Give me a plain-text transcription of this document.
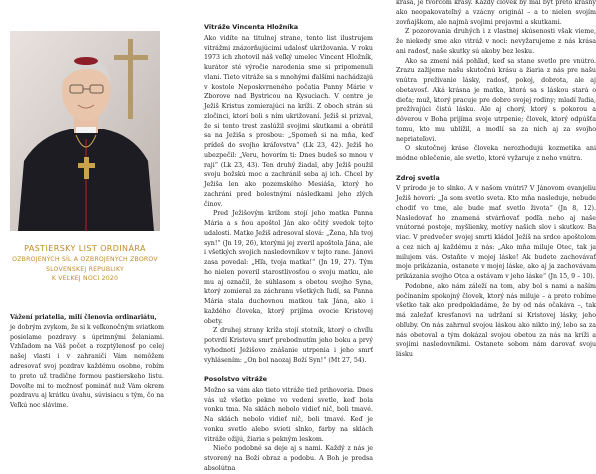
PASTIERSKY LIST ORDINÁRA

OZBROJENÝCH SÍL A OZBROJENÝCH ZBOROV

SLOVENSKEJ REPUBLIKY

K VEĽKEJ NOCI 2020

Vážení priatelia, milí členovia ordinariátu,

je dobrým zvykom, že si k veľkonočným sviatkom posielame pozdravy s úprimnými želaniami. Vzhľadom na Váš počet a rozptýlenosť po celej našej vlasti i v zahraničí Vám nemôžem adresovať svoj pozdrav každému osobne, robím to preto už tradične formou pastierskeho listu. Dovoľte mi to možnosť pomináť nuž Vám okrem pozdravu aj krátku úvahu, súvisiacu s tým, čo na Veľkú noc slávime.

Vitráže Vincenta Hložníka

Ako vidíte na titulnej strane, tento list ilustrujem vitrážmi znázorňujúcimi udalosť ukrižovania. V roku 1973 ich zhotovil náš veľký umelec Vincent Hložník, kurátor sté výročie narodenia sme si pripomenuli vlani. Tieto vitráže sa s mnohými ďalšími nachádzajú v kostole Neposkvrneného počatia Panny Márie v Zborove nad Bystricou na Kysuciach. V centre je Ježiš Kristus zomierajúci na kríži. Z oboch strán sú zločinci, ktorí boli s ním ukrižovaní. Ježiš si prizval, že si tento trest zaslúžil svojimi skutkami a obrátil sa na Ježiša s prosbou: „Spomeň si na mňa, keď prídeš do svojho kráľovstva“ (Lk 23, 42). Ježiš ho ubezpečil: „Veru, hovorím ti: Dnes budeš so mnou v raji“ (Lk 23, 43). Ten druhý žiadal, aby Ježiš použil svoju božskú moc a zachránil seba aj ich. Chcel by Ježiša len ako pozemského Mesiáša, ktorý ho zachráni pred bolestnými následkami jeho zlých činov.

Pred Ježišovým krížom stojí jeho matka Panna Mária a s ňou apoštol Ján ako očitý svedok tejto udalosti. Matke Ježiš adresoval slová: „Žena, hľa tvoj syn!“ (Jn 19, 26), ktorými jej zveril apoštola Jána, ale i všetkých svojich nasledovníkov v tejto rane. Jánovi zasa povedal: „Hľa, tvoja matka!“ (Jn 19, 27). Tým ho nielen poveril starostlivosťou o svoju matku, ale mu aj označil, že súhlasom s obetou svojho Syna, ktorý zomieral za záchranu všetkých ľudí, sa Panna Mária stala duchovnou matkou tak Jána, ako i každého človeka, ktorý prijíma ovocie Kristovej obety.

Z druhej strany kríža stojí stotník, ktorý o chvíľu potvrdí Kristovu smrť prebodnutím jeho boku a prvý vyhodnotí Ježišovo znášanie utrpenia i jeho smrť vyhlásením: „On bol naozaj Boží Syn!“ (Mt 27, 54).

Posolstvo vitráže

Možno sa vám ako tieto vitráže tiež prihovoria. Dnes vás už všetko pekne vo vedení svetle, keď bola vonku tma. Na sklách nebolo vidieť nič, boli tmavé. Na sklách nebolo vidieť nič, boli tmavé. Keď je vonku svetlo alebo svieti slnko, farby na sklách vitráže ožijú, žiaria s pekným leskom.

Niečo podobné sa deje aj s nami. Každý z nás je stvorený na Boží obraz a podobu. A Boh je predsa absolútna

krása, je tvorcom krásy. Každý človek by mal byť preto krásny ako neopakovateľný a vzácny originál – a to nielen svojím zovňajškom, ale najmä svojimi prejavmi a skutkami.

Z pozorovania druhých i z vlastnej skúsenosti však vieme, že niekedy sme ako vitráž v noci: nevyžarujeme z nás krása ani radosť, naše skutky sú akoby bez lesku.

Ako sa zmení náš pohľad, keď sa stane svetlo pre vnútro. Zrazu zažijeme našu skutočnú krásu a žiaria z nás pre našu vnútra prežívanie lásky, radosť, pokoj, dobrota, ale aj obetavosť. Aká krásna je matka, ktorá sa s láskou stará o dieťa; muž, ktorý pracuje pre dobro svojej rodiny; mladí ľudia, prežívajúci čistú lásku. Ale aj chorý, ktorý s pokorou a dôverou v Boha prijíma svoje utrpenie; človek, ktorý odpúšťa tomu, kto mu ublížil, a modlí sa za nich aj za svojho nepriateľovi.

O skutočnej kráse človeka nerozhodujú kozmetika ani módne oblečenie, ale svetlo, ktoré vyžaruje z neho vnútra.

Zdroj svetla

V prírode je to slnko. A v našom vnútri? V Jánovom evanjeliu Ježiš hovorí: „Ja som svetlo sveta. Kto mňa nasleduje, nebude chodiť vo tme, ale bude mať svetlo života“ (Jn 8, 12). Nasledovať ho znamená stvárňovať podľa neho aj naše vnútorné postoje, myšlienky, motívy našich slov i skutkov. Ba viac. V predvečer svojej smrti kládol Ježiš na srdce apoštolom a cez nich aj každému z nás: „Ako mňa miluje Otec, tak ja milujem vás. Ostaňte v mojej láske! Ak budete zachovávať moje prikázania, ostanete v mojej láske, ako aj ja zachovávam prikázania svojho Otca a ostávam v jeho láske“ (Jn 15, 9 – 10).

Podobne, ako nám záleží na tom, aby bol s nami a naším počínaním spokojný človek, ktorý nás miluje – a preto robíme všetko tak ako predpokladáme, že by od nás očakáva –, tak má zaležať kresťanovi na udržaní si Kristovej lásky, jeho obľuby. On nás zahrnul svojou láskou ako nikto iný, lebo sa za nás obetoval a tým dokázal svojou obetou za nás na kríži a svojimi nasledovníkmi. Ostanete sobom nám darovať svoju lásku
